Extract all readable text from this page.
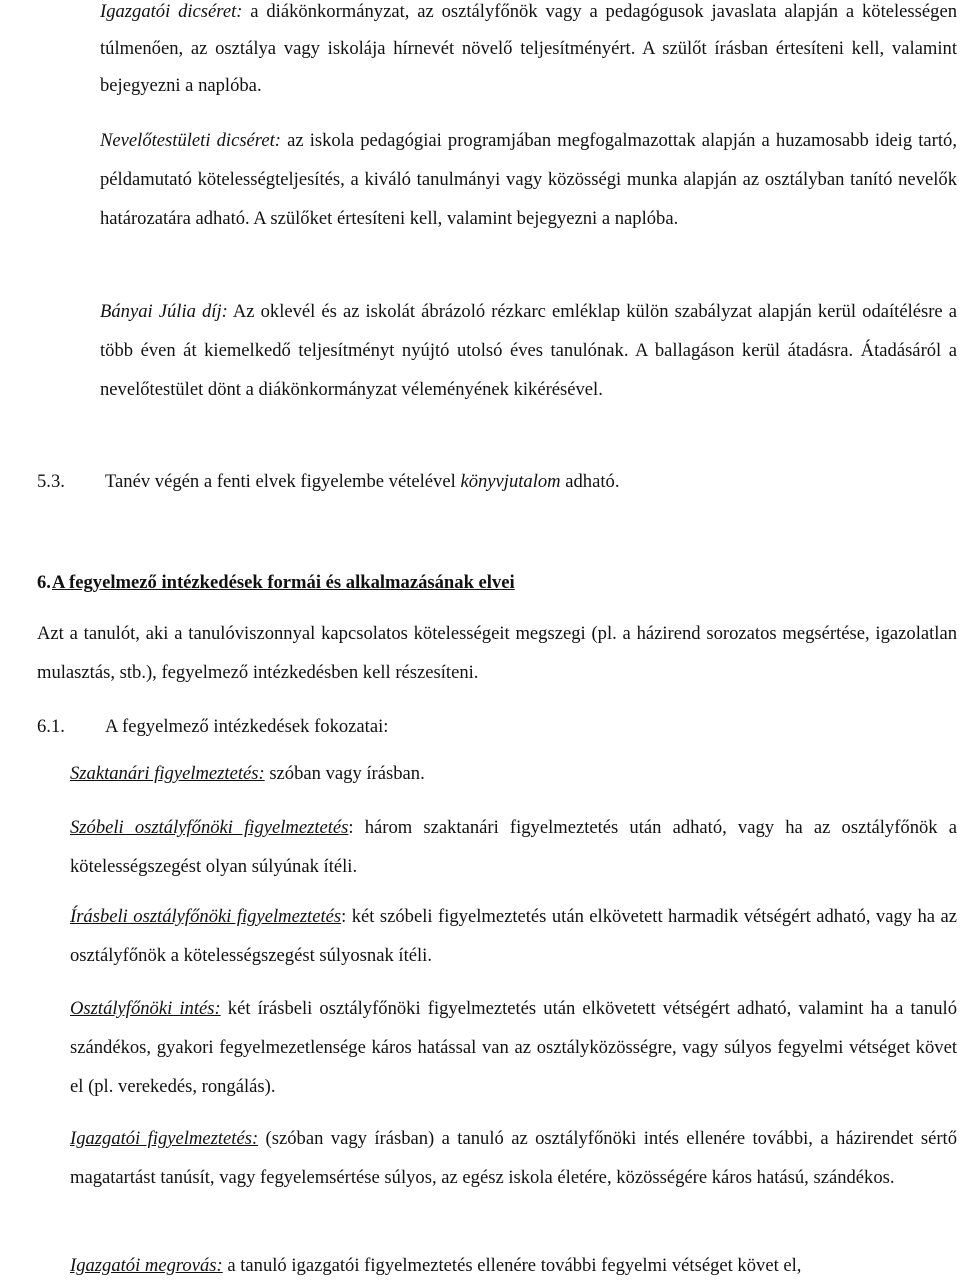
Igazgatói dicséret: a diákönkormányzat, az osztályfőnök vagy a pedagógusok javaslata alapján a kötelességen túlmenően, az osztálya vagy iskolája hírnevét növelő teljesítményért. A szülőt írásban értesíteni kell, valamint bejegyezni a naplóba.

Nevelőtestületi dicséret: az iskola pedagógiai programjában megfogalmazottak alapján a huzamosabb ideig tartó, példamutató kötelességteljesítés, a kiváló tanulmányi vagy közösségi munka alapján az osztályban tanító nevelők határozatára adható. A szülőket értesíteni kell, valamint bejegyezni a naplóba.

Bányai Júlia díj: Az oklevél és az iskolát ábrázoló rézkarc emléklap külön szabályzat alapján kerül odaítélésre a több éven át kiemelkedő teljesítményt nyújtó utolsó éves tanulónak. A ballagáson kerül átadásra. Átadásáról a nevelőtestület dönt a diákönkormányzat véleményének kikérésével.

5.3. Tanév végén a fenti elvek figyelembe vételével könyvjutalom adható.
6. A fegyelmező intézkedések formái és alkalmazásának elvei

Azt a tanulót, aki a tanulóviszonnyal kapcsolatos kötelességeit megszegi (pl. a házirend sorozatos megsértése, igazolatlan mulasztás, stb.), fegyelmező intézkedésben kell részesíteni.

6.1. A fegyelmező intézkedések fokozatai:

Szaktanári figyelmeztetés: szóban vagy írásban.

Szóbeli osztályfőnöki figyelmeztetés: három szaktanári figyelmeztetés után adható, vagy ha az osztályfőnök a kötelességszegést olyan súlyúnak ítéli.

Írásbeli osztályfőnöki figyelmeztetés: két szóbeli figyelmeztetés után elkövetett harmadik vétségért adható, vagy ha az osztályfőnök a kötelességszegést súlyosnak ítéli.

Osztályfőnöki intés: két írásbeli osztályfőnöki figyelmeztetés után elkövetett vétségért adható, valamint ha a tanuló szándékos, gyakori fegyelmezetlensége káros hatással van az osztályközösségre, vagy súlyos fegyelmi vétséget követ el (pl. verekedés, rongálás).

Igazgatói figyelmeztetés: (szóban vagy írásban) a tanuló az osztályfőnöki intés ellenére további, a házirendet sértő magatartást tanúsít, vagy fegyelemsértése súlyos, az egész iskola életére, közösségére káros hatású, szándékos.

Igazgatói megrovás: a tanuló igazgatói figyelmeztetés ellenére további fegyelmi vétséget követ el,
